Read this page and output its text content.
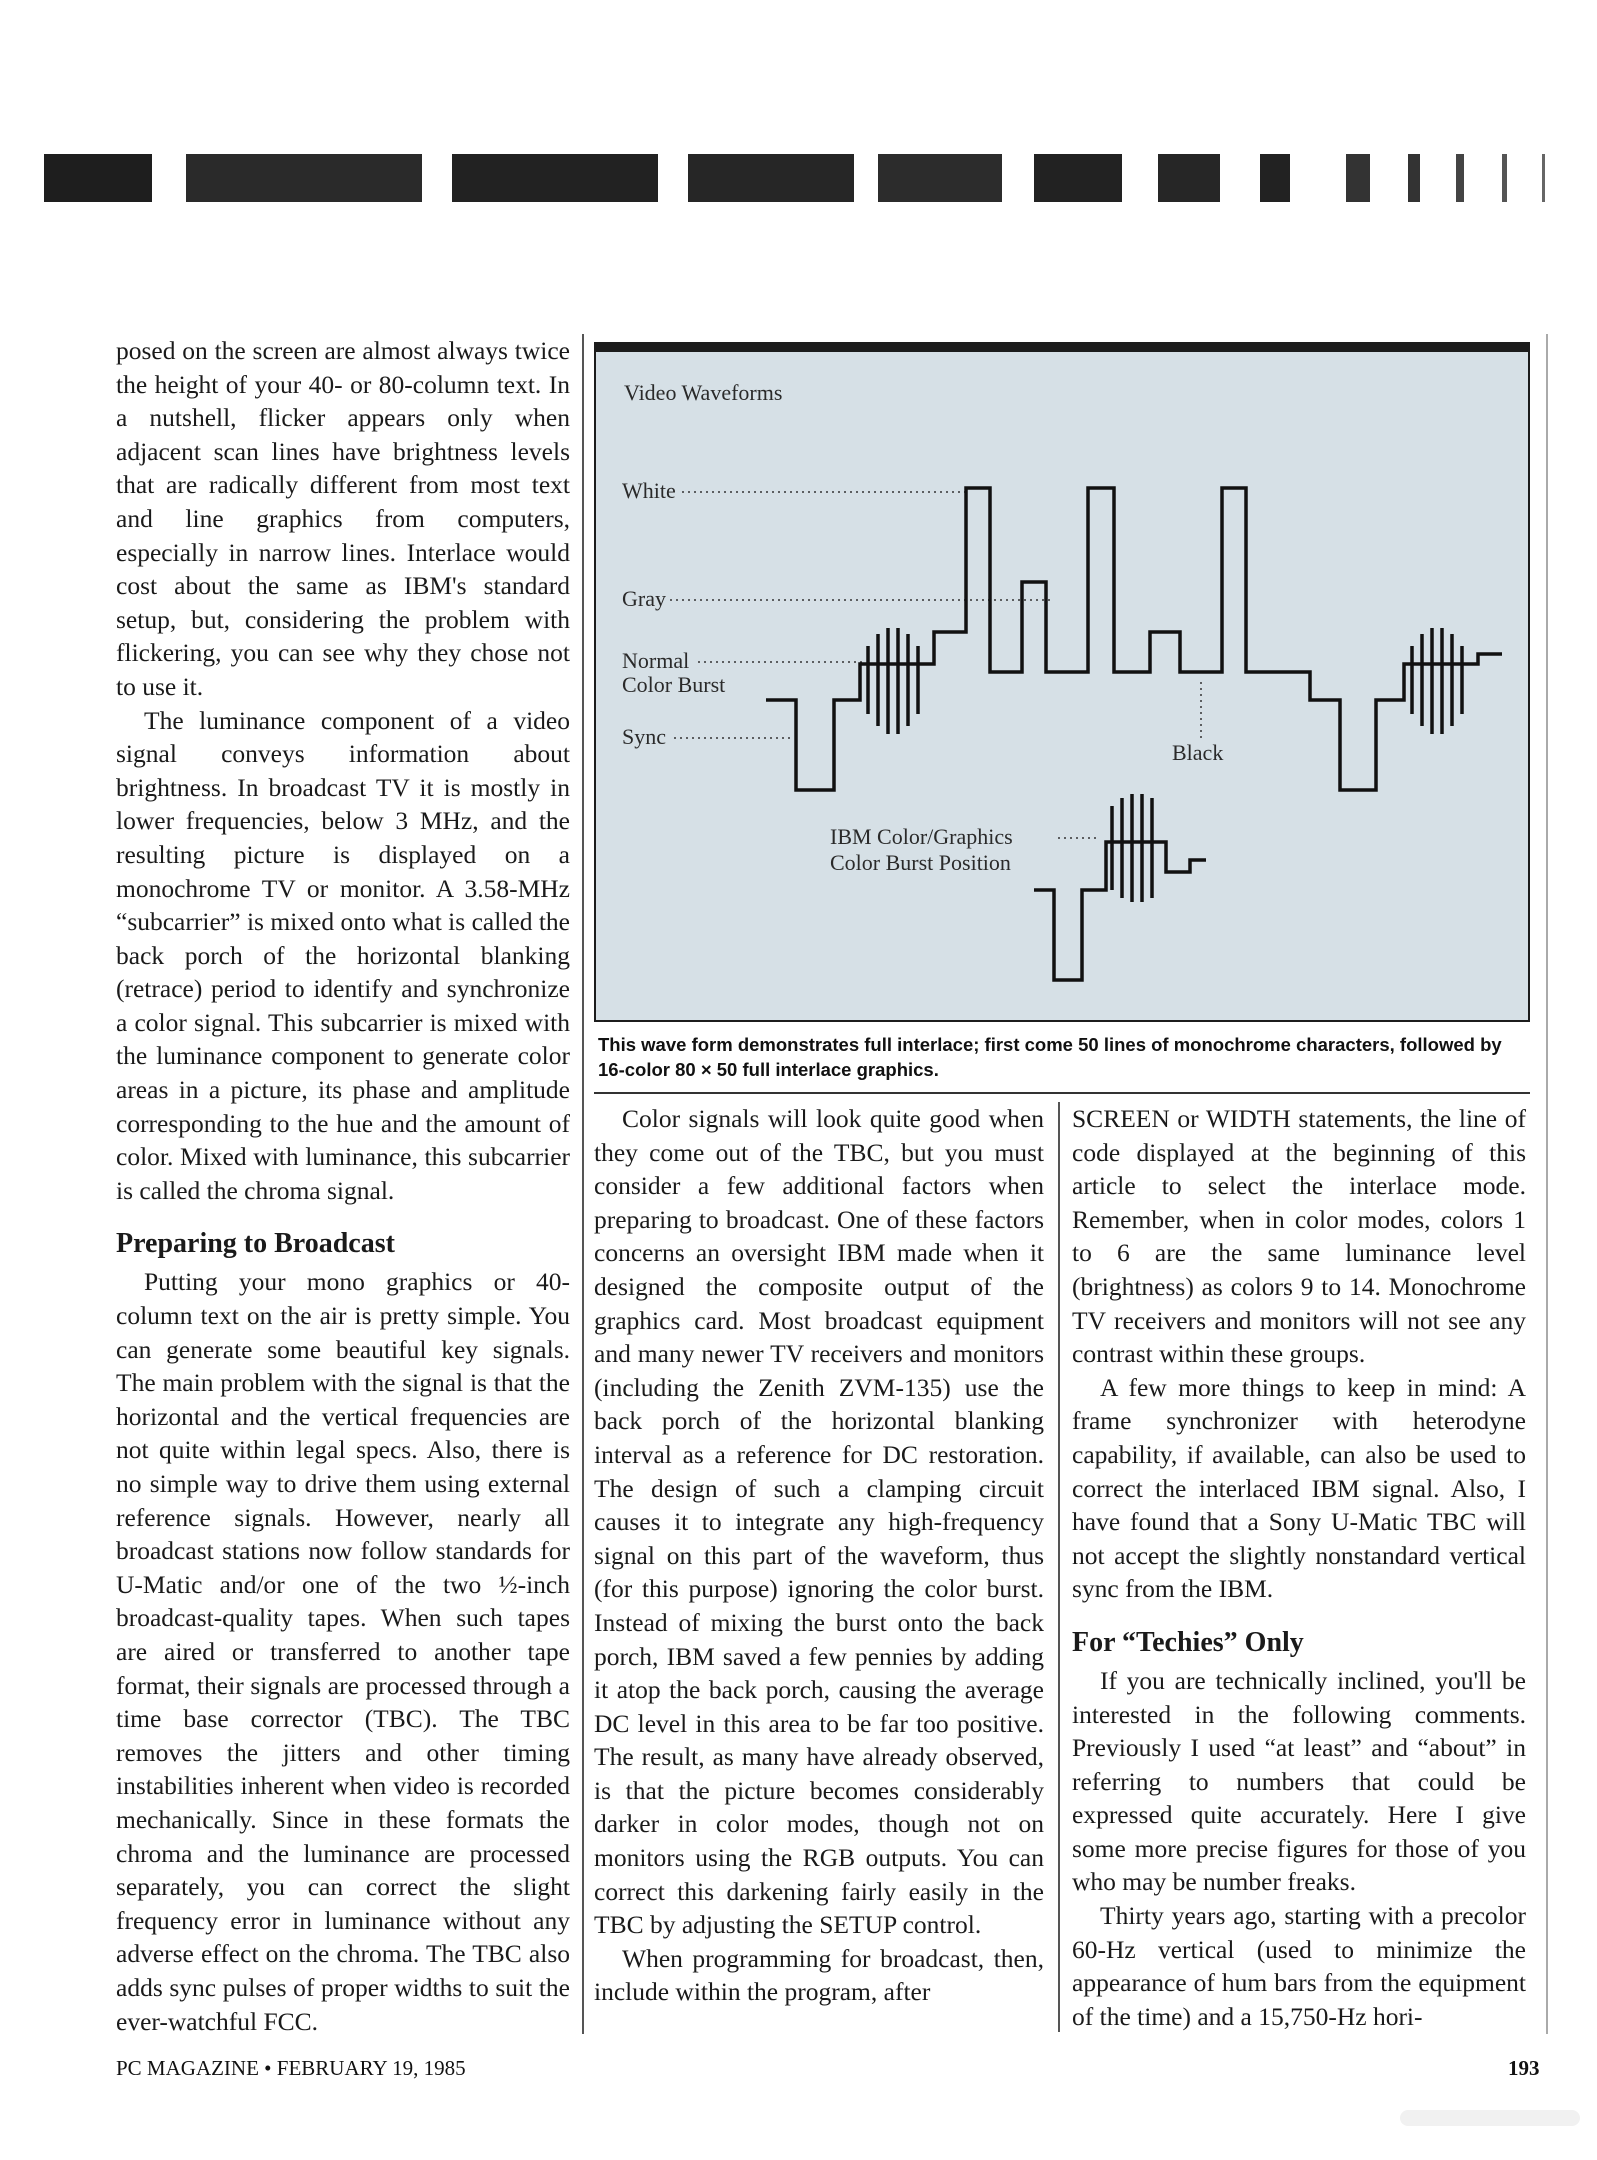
Video Waveforms
White
Gray
Normal
Color Burst
Sync
Black
IBM Color/Graphics
Color Burst Position
This wave form demonstrates full interlace; first come 50 lines of monochrome characters, followed by 16-color 80 × 50 full interlace graphics.

posed on the screen are almost always twice the height of your 40- or 80-column text. In a nutshell, flicker appears only when adjacent scan lines have brightness levels that are radically different from most text and line graphics from computers, especially in narrow lines. Interlace would cost about the same as IBM's standard setup, but, considering the problem with flickering, you can see why they chose not to use it.

The luminance component of a video signal conveys information about brightness. In broadcast TV it is mostly in lower frequencies, below 3 MHz, and the resulting picture is displayed on a monochrome TV or monitor. A 3.58-MHz “subcarrier” is mixed onto what is called the back porch of the horizontal blanking (retrace) period to identify and synchronize a color signal. This subcarrier is mixed with the luminance component to generate color areas in a picture, its phase and amplitude corresponding to the hue and the amount of color. Mixed with luminance, this subcarrier is called the chroma signal.

Preparing to Broadcast

Putting your mono graphics or 40-column text on the air is pretty simple. You can generate some beautiful key signals. The main problem with the signal is that the horizontal and the vertical frequencies are not quite within legal specs. Also, there is no simple way to drive them using external reference signals. However, nearly all broadcast stations now follow standards for U-Matic and/or one of the two ½-inch broadcast-quality tapes. When such tapes are aired or transferred to another tape format, their signals are processed through a time base corrector (TBC). The TBC removes the jitters and other timing instabilities inherent when video is recorded mechanically. Since in these formats the chroma and the luminance are processed separately, you can correct the slight frequency error in luminance without any adverse effect on the chroma. The TBC also adds sync pulses of proper widths to suit the ever-watchful FCC.

Color signals will look quite good when they come out of the TBC, but you must consider a few additional factors when preparing to broadcast. One of these factors concerns an oversight IBM made when it designed the composite output of the graphics card. Most broadcast equipment and many newer TV receivers and monitors (including the Zenith ZVM-135) use the back porch of the horizontal blanking interval as a reference for DC restoration. The design of such a clamping circuit causes it to integrate any high-frequency signal on this part of the waveform, thus (for this purpose) ignoring the color burst. Instead of mixing the burst onto the back porch, IBM saved a few pennies by adding it atop the back porch, causing the average DC level in this area to be far too positive. The result, as many have already observed, is that the picture becomes considerably darker in color modes, though not on monitors using the RGB outputs. You can correct this darkening fairly easily in the TBC by adjusting the SETUP control.

When programming for broadcast, then, include within the program, after

SCREEN or WIDTH statements, the line of code displayed at the beginning of this article to select the interlace mode. Remember, when in color modes, colors 1 to 6 are the same luminance level (brightness) as colors 9 to 14. Monochrome TV receivers and monitors will not see any contrast within these groups.

A few more things to keep in mind: A frame synchronizer with heterodyne capability, if available, can also be used to correct the interlaced IBM signal. Also, I have found that a Sony U-Matic TBC will not accept the slightly nonstandard vertical sync from the IBM.

For “Techies” Only

If you are technically inclined, you'll be interested in the following comments. Previously I used “at least” and “about” in referring to numbers that could be expressed quite accurately. Here I give some more precise figures for those of you who may be number freaks.

Thirty years ago, starting with a precolor 60-Hz vertical (used to minimize the appearance of hum bars from the equipment of the time) and a 15,750-Hz hori-

PC MAGAZINE • FEBRUARY 19, 1985	193
